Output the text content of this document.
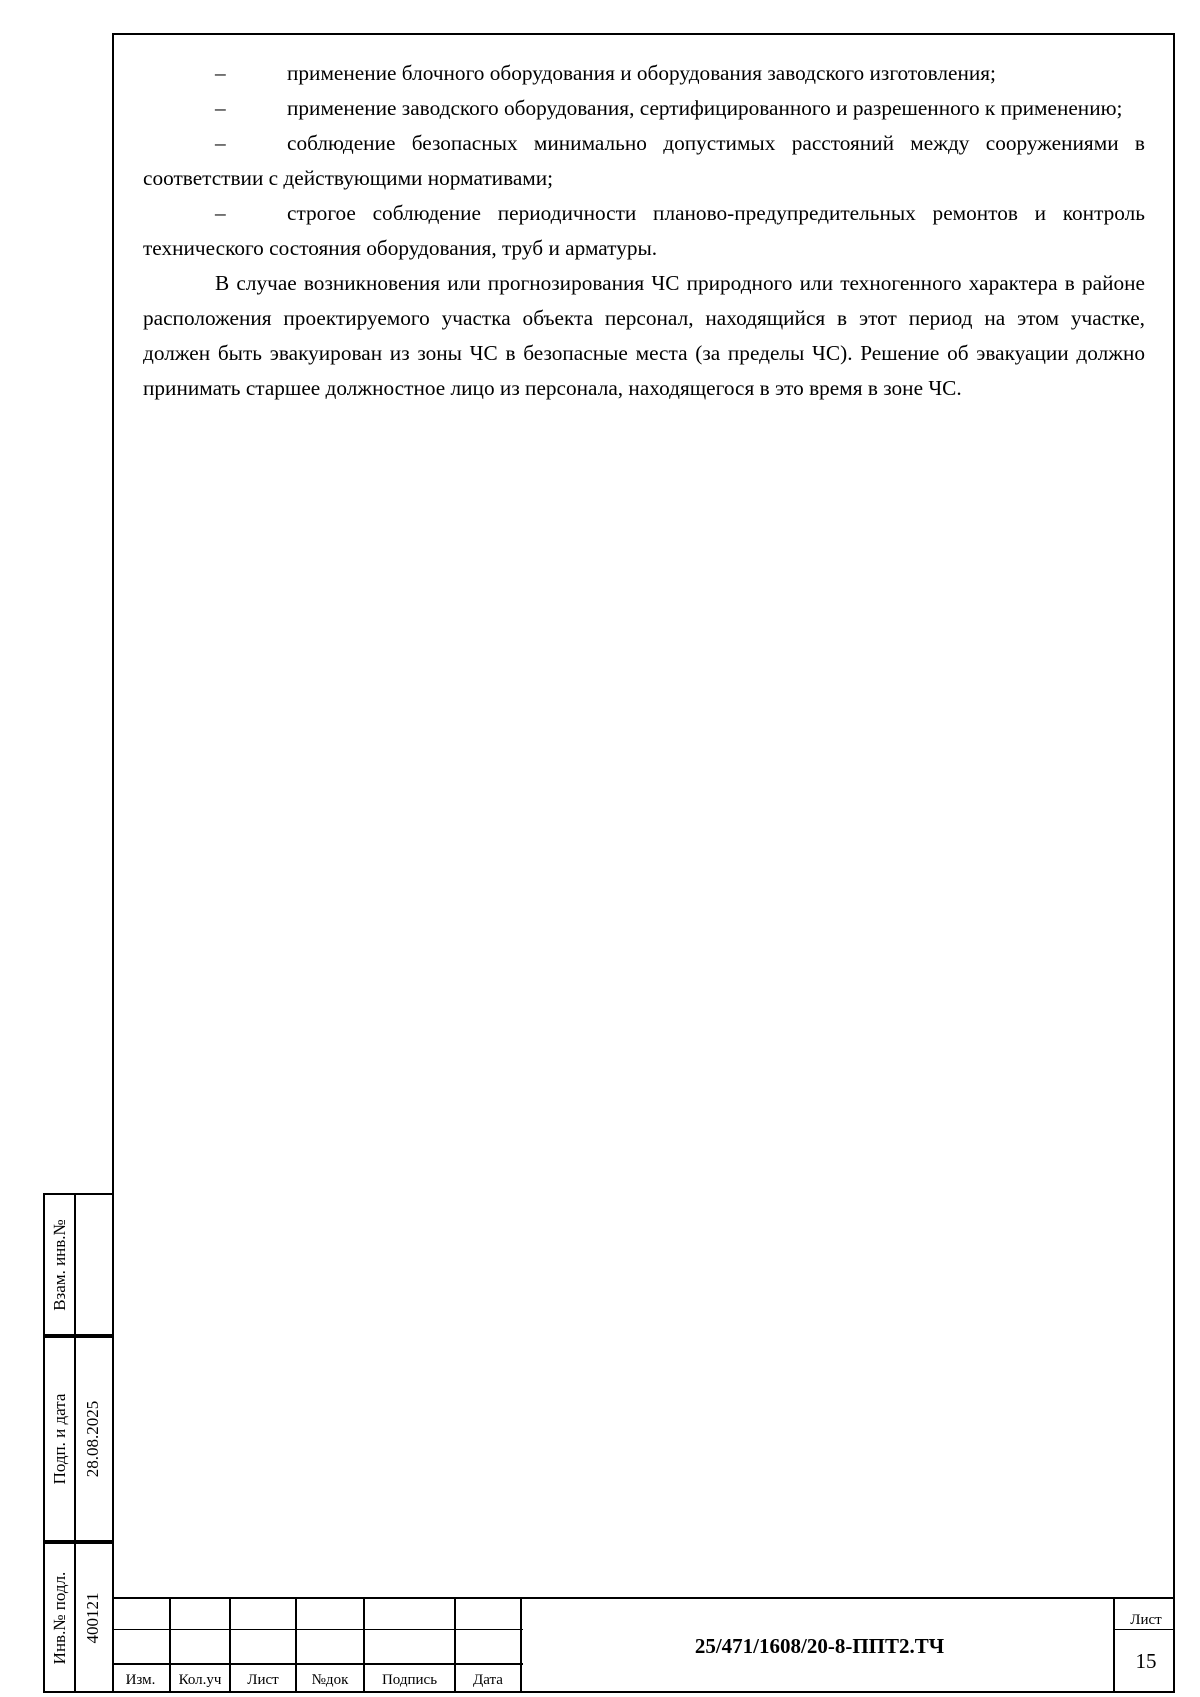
–	применение блочного оборудования и оборудования заводского изготовления;

–	применение заводского оборудования, сертифицированного и разрешенного к применению;

–	соблюдение безопасных минимально допустимых расстояний между сооружениями в соответствии с действующими нормативами;

–	строгое соблюдение периодичности планово-предупредительных ремонтов и контроль технического состояния оборудования, труб и арматуры.

В случае возникновения или прогнозирования ЧС природного или техногенного характера в районе расположения проектируемого участка объекта персонал, находящийся в этот период на этом участке, должен быть эвакуирован из зоны ЧС в безопасные места (за пределы ЧС). Решение об эвакуации должно принимать старшее должностное лицо из персонала, находящегося в это время в зоне ЧС.

Взам. инв.№
Подп. и дата 28.08.2025
Инв.№ подл. 400121
Изм.	Кол.уч	Лист	№док	Подпись	Дата
25/471/1608/20-8-ППТ2.ТЧ
Лист
15
